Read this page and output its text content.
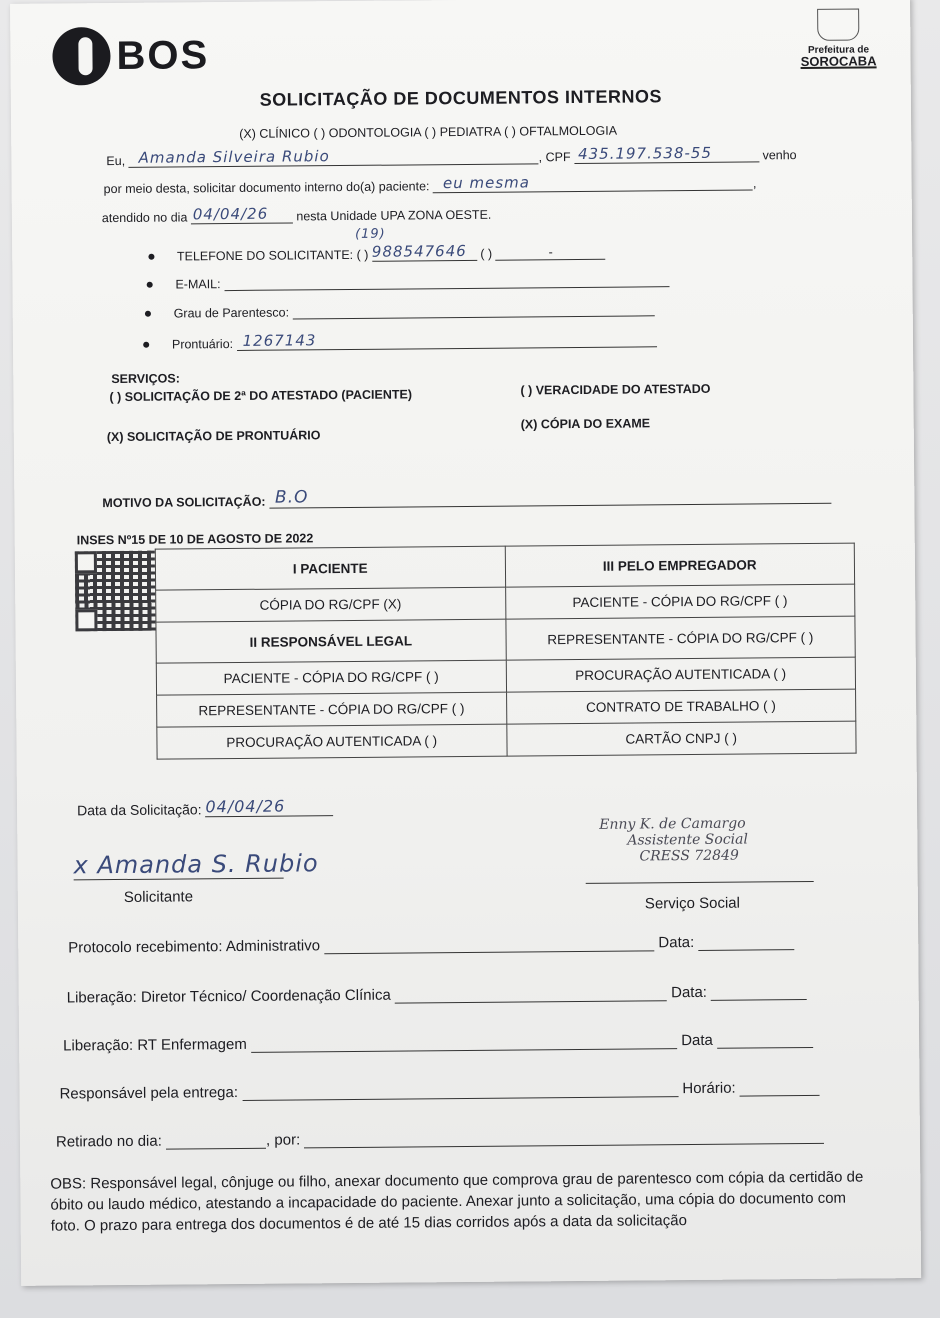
BOS	Prefeitura de
SOROCABA
SOLICITAÇÃO DE DOCUMENTOS INTERNOS
(X) CLÍNICO ( ) ODONTOLOGIA ( ) PEDIATRA ( ) OFTALMOLOGIA
Eu, Amanda Silveira Rubio	, CPF 435.197.538-55	venho
por meio desta, solicitar documento interno do(a) paciente: eu mesma	,
atendido no dia 04/04/26 nesta Unidade UPA ZONA OESTE.
● TELEFONE DO SOLICITANTE:
(19)
( ) 988547646 ( )	-
● E-MAIL:
● Grau de Parentesco:
● Prontuário: 1267143
SERVIÇOS:
( ) SOLICITAÇÃO DE 2ª DO ATESTADO (PACIENTE)	( ) VERACIDADE DO ATESTADO
(X) SOLICITAÇÃO DE PRONTUÁRIO
(X) CÓPIA DO EXAME
MOTIVO DA SOLICITAÇÃO: B.O
INSES Nº15 DE 10 DE AGOSTO DE 2022
I PACIENTE	III PELO EMPREGADOR
CÓPIA DO RG/CPF (X)	PACIENTE - CÓPIA DO RG/CPF ( )
II RESPONSÁVEL LEGAL	REPRESENTANTE - CÓPIA DO RG/CPF ( )
PACIENTE - CÓPIA DO RG/CPF ( )	PROCURAÇÃO AUTENTICADA ( )
REPRESENTANTE - CÓPIA DO RG/CPF ( )	CONTRATO DE TRABALHO ( )
PROCURAÇÃO AUTENTICADA ( )	CARTÃO CNPJ ( )
Data da Solicitação: 04/04/26
x Amanda S. Rubio
Solicitante
Enny K. de Camargo
Assistente Social
CRESS 72849
Serviço Social
Protocolo recebimento: Administrativo	Data:
Liberação: Diretor Técnico/ Coordenação Clínica	Data:
Liberação: RT Enfermagem	Data
Responsável pela entrega:	Horário:
Retirado no dia:	, por:
OBS: Responsável legal, cônjuge ou filho, anexar documento que comprova grau de parentesco com cópia da certidão de óbito ou laudo médico, atestando a incapacidade do paciente. Anexar junto a solicitação, uma cópia do documento com foto. O prazo para entrega dos documentos é de até 15 dias corridos após a data da solicitação
